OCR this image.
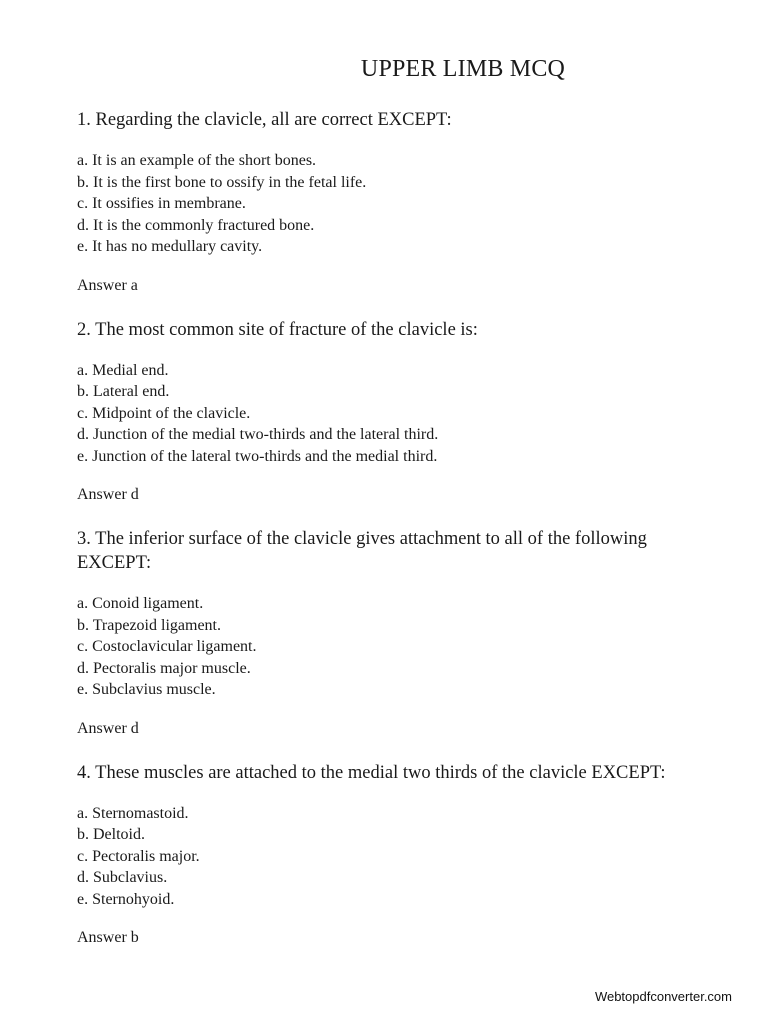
UPPER LIMB MCQ

1. Regarding the clavicle, all are correct EXCEPT:

a. It is an example of the short bones.
b. It is the first bone to ossify in the fetal life.
c. It ossifies in membrane.
d. It is the commonly fractured bone.
e. It has no medullary cavity.

Answer a

2. The most common site of fracture of the clavicle is:

a. Medial end.
b. Lateral end.
c. Midpoint of the clavicle.
d. Junction of the medial two-thirds and the lateral third.
e. Junction of the lateral two-thirds and the medial third.

Answer d

3. The inferior surface of the clavicle gives attachment to all of the following EXCEPT:

a. Conoid ligament.
b. Trapezoid ligament.
c. Costoclavicular ligament.
d. Pectoralis major muscle.
e. Subclavius muscle.

Answer d

4. These muscles are attached to the medial two thirds of the clavicle EXCEPT:

a. Sternomastoid.
b. Deltoid.
c. Pectoralis major.
d. Subclavius.
e. Sternohyoid.

Answer b

Webtopdfconverter.com
